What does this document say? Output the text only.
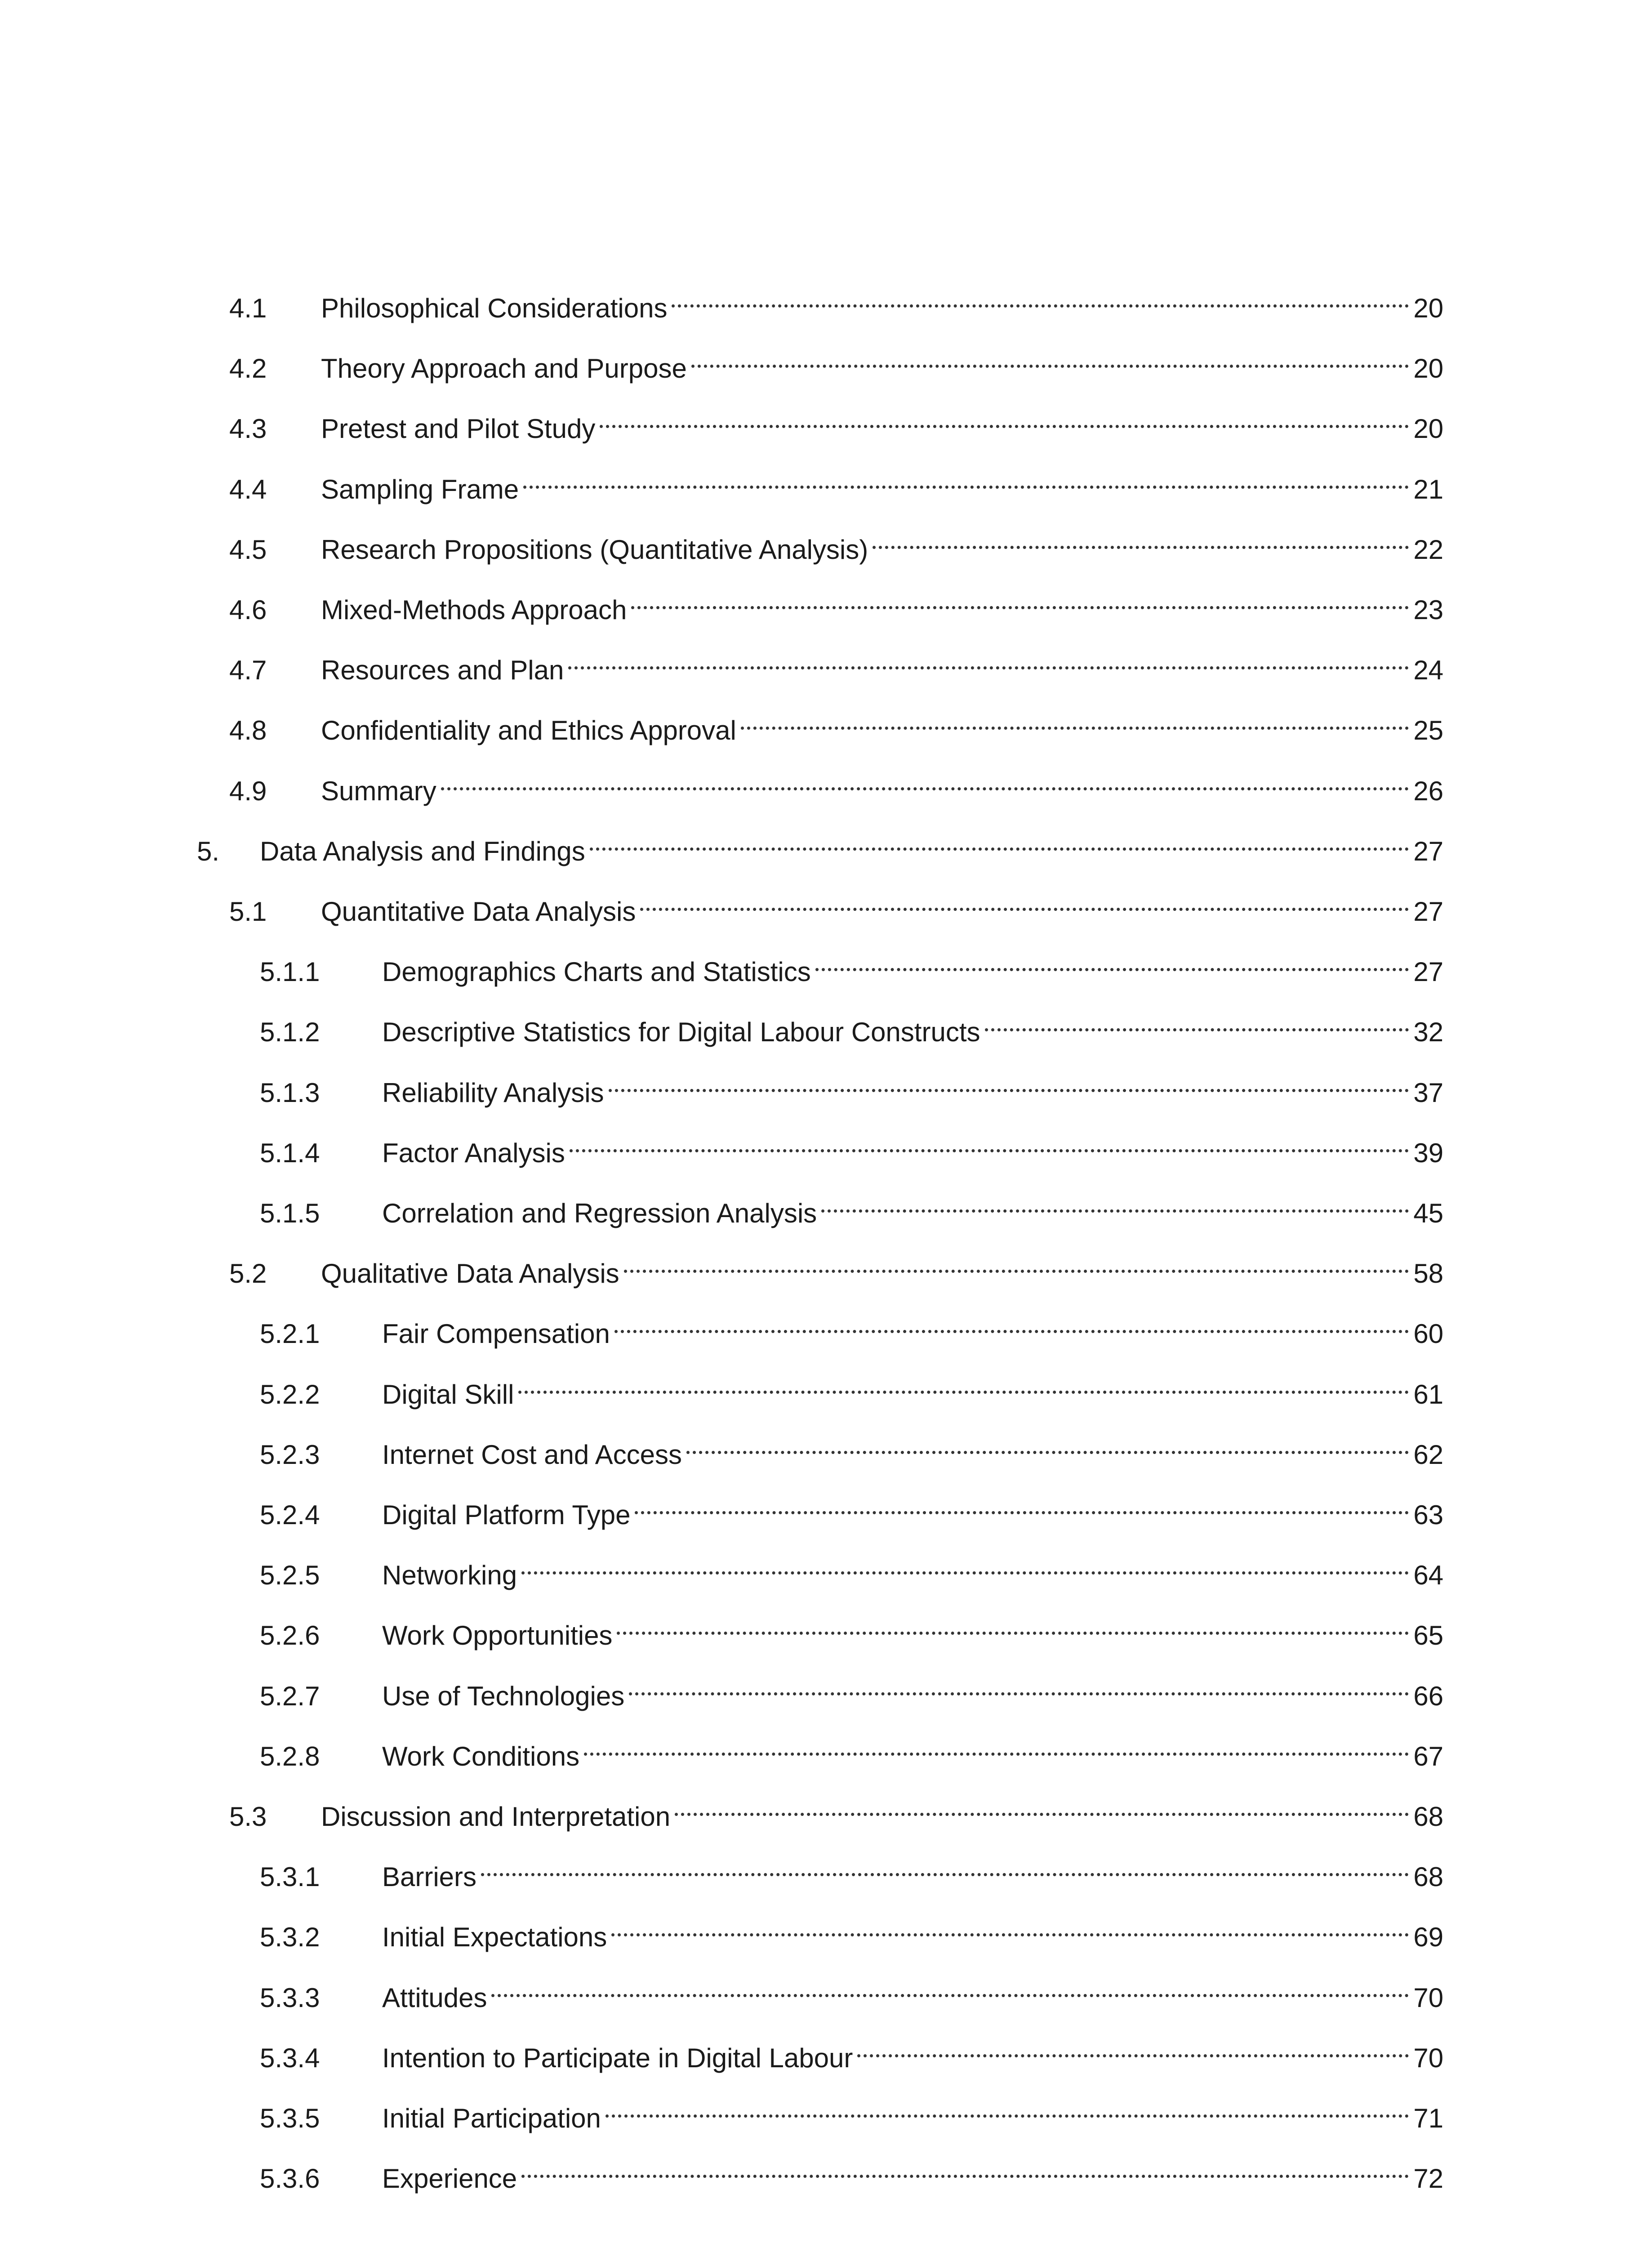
4.1	Philosophical Considerations	20
4.2	Theory Approach and Purpose	20
4.3	Pretest and Pilot Study	20
4.4	Sampling Frame	21
4.5	Research Propositions (Quantitative Analysis)	22
4.6	Mixed-Methods Approach	23
4.7	Resources and Plan	24
4.8	Confidentiality and Ethics Approval	25
4.9	Summary	26
5.	Data Analysis and Findings	27
5.1	Quantitative Data Analysis	27
5.1.1	Demographics Charts and Statistics	27
5.1.2	Descriptive Statistics for Digital Labour Constructs	32
5.1.3	Reliability Analysis	37
5.1.4	Factor Analysis	39
5.1.5	Correlation and Regression Analysis	45
5.2	Qualitative Data Analysis	58
5.2.1	Fair Compensation	60
5.2.2	Digital Skill	61
5.2.3	Internet Cost and Access	62
5.2.4	Digital Platform Type	63
5.2.5	Networking	64
5.2.6	Work Opportunities	65
5.2.7	Use of Technologies	66
5.2.8	Work Conditions	67
5.3	Discussion and Interpretation	68
5.3.1	Barriers	68
5.3.2	Initial Expectations	69
5.3.3	Attitudes	70
5.3.4	Intention to Participate in Digital Labour	70
5.3.5	Initial Participation	71
5.3.6	Experience	72
